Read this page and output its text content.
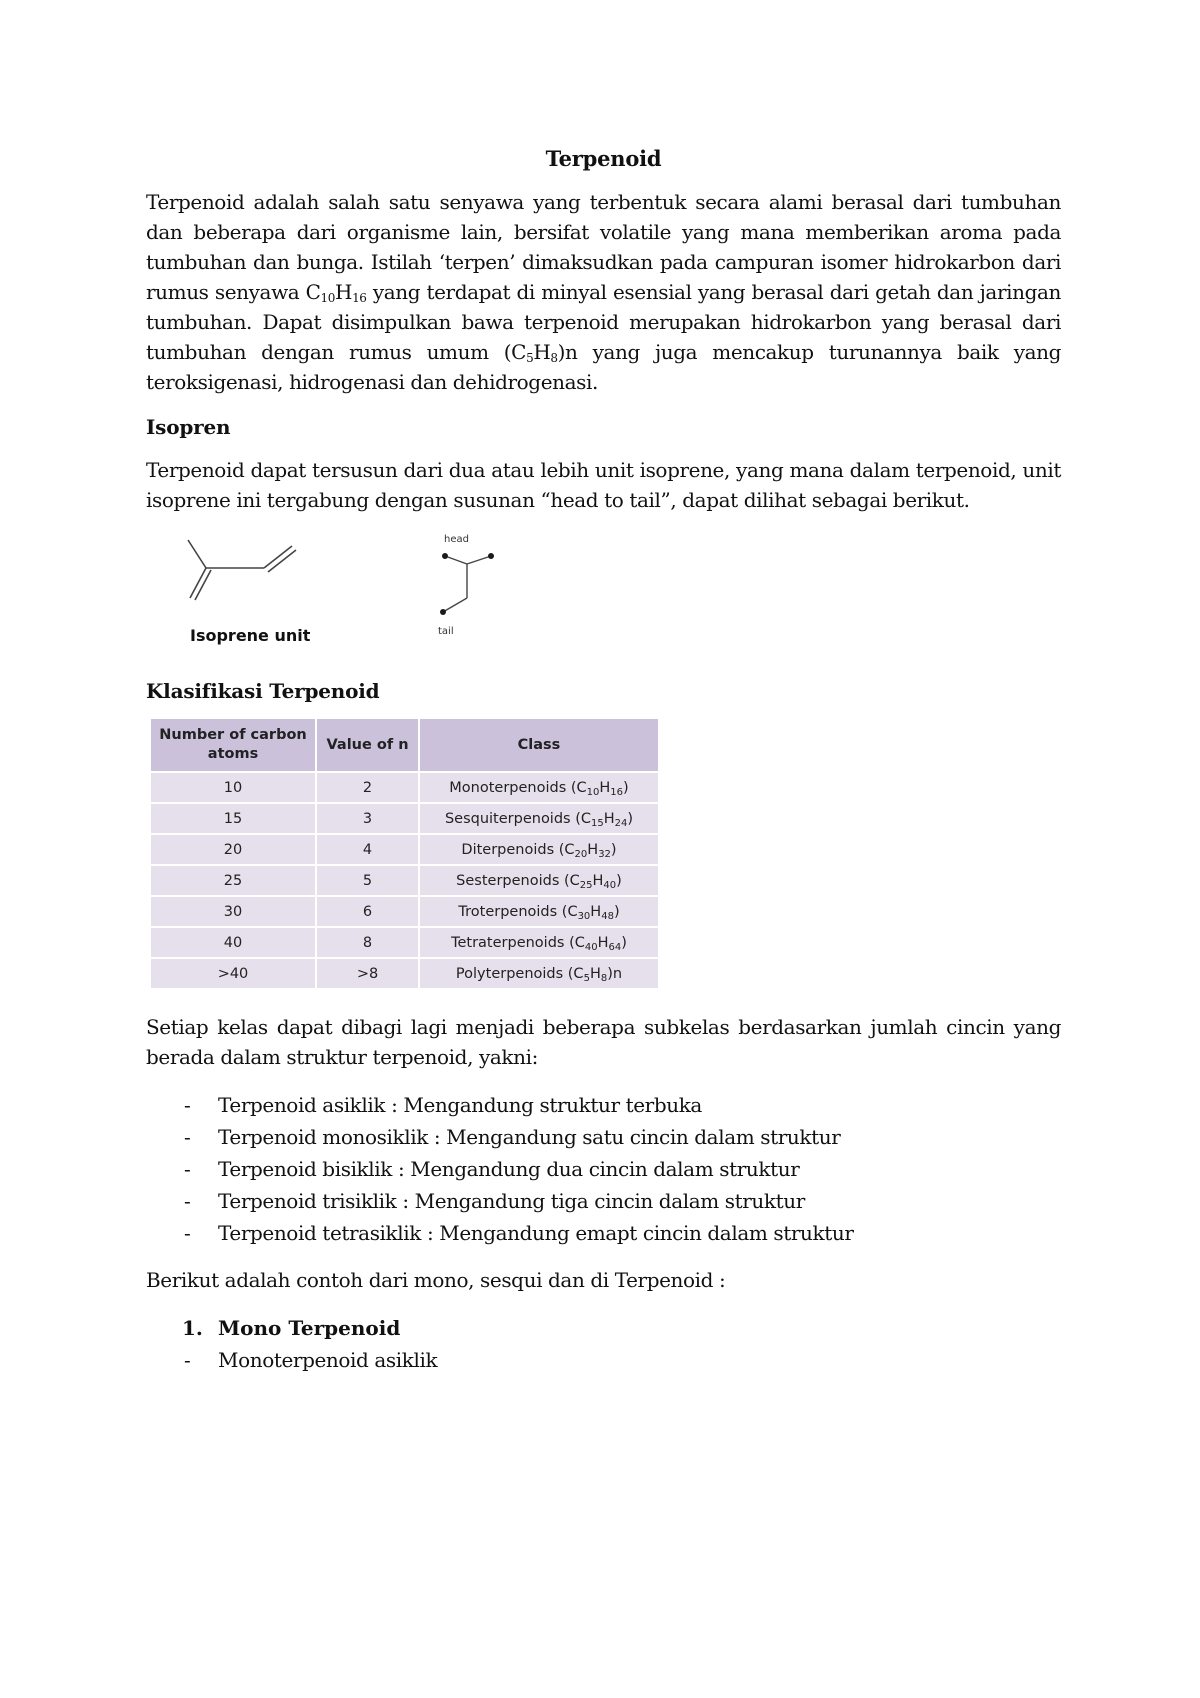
Terpenoid

Terpenoid adalah salah satu senyawa yang terbentuk secara alami berasal dari tumbuhan dan beberapa dari organisme lain, bersifat volatile yang mana memberikan aroma pada tumbuhan dan bunga. Istilah ‘terpen’ dimaksudkan pada campuran isomer hidrokarbon dari rumus senyawa $C_{10}H_{16}$ yang terdapat di minyal esensial yang berasal dari getah dan jaringan tumbuhan. Dapat disimpulkan bawa terpenoid merupakan hidrokarbon yang berasal dari tumbuhan dengan rumus umum $(C_5H_8)n$ yang juga mencakup turunannya baik yang teroksigenasi, hidrogenasi dan dehidrogenasi.

Isopren

Terpenoid dapat tersusun dari dua atau lebih unit isoprene, yang mana dalam terpenoid, unit isoprene ini tergabung dengan susunan “head to tail”, dapat dilihat sebagai berikut.

Isoprene unit
head
tail
Klasifikasi Terpenoid
Number of carbon atoms	Value of n	Class
10	2	Monoterpenoids $(C_{10}H_{16})$
15	3	Sesquiterpenoids $(C_{15}H_{24})$
20	4	Diterpenoids $(C_{20}H_{32})$
25	5	Sesterpenoids $(C_{25}H_{40})$
30	6	Troterpenoids $(C_{30}H_{48})$
40	8	Tetraterpenoids $(C_{40}H_{64})$
>40	>8	Polyterpenoids $(C_5H_8)n$

Setiap kelas dapat dibagi lagi menjadi beberapa subkelas berdasarkan jumlah cincin yang berada dalam struktur terpenoid, yakni:

- Terpenoid asiklik : Mengandung struktur terbuka
- Terpenoid monosiklik : Mengandung satu cincin dalam struktur
- Terpenoid bisiklik : Mengandung dua cincin dalam struktur
- Terpenoid trisiklik : Mengandung tiga cincin dalam struktur
- Terpenoid tetrasiklik : Mengandung emapt cincin dalam struktur

Berikut adalah contoh dari mono, sesqui dan di Terpenoid :

1. Mono Terpenoid
- Monoterpenoid asiklik
